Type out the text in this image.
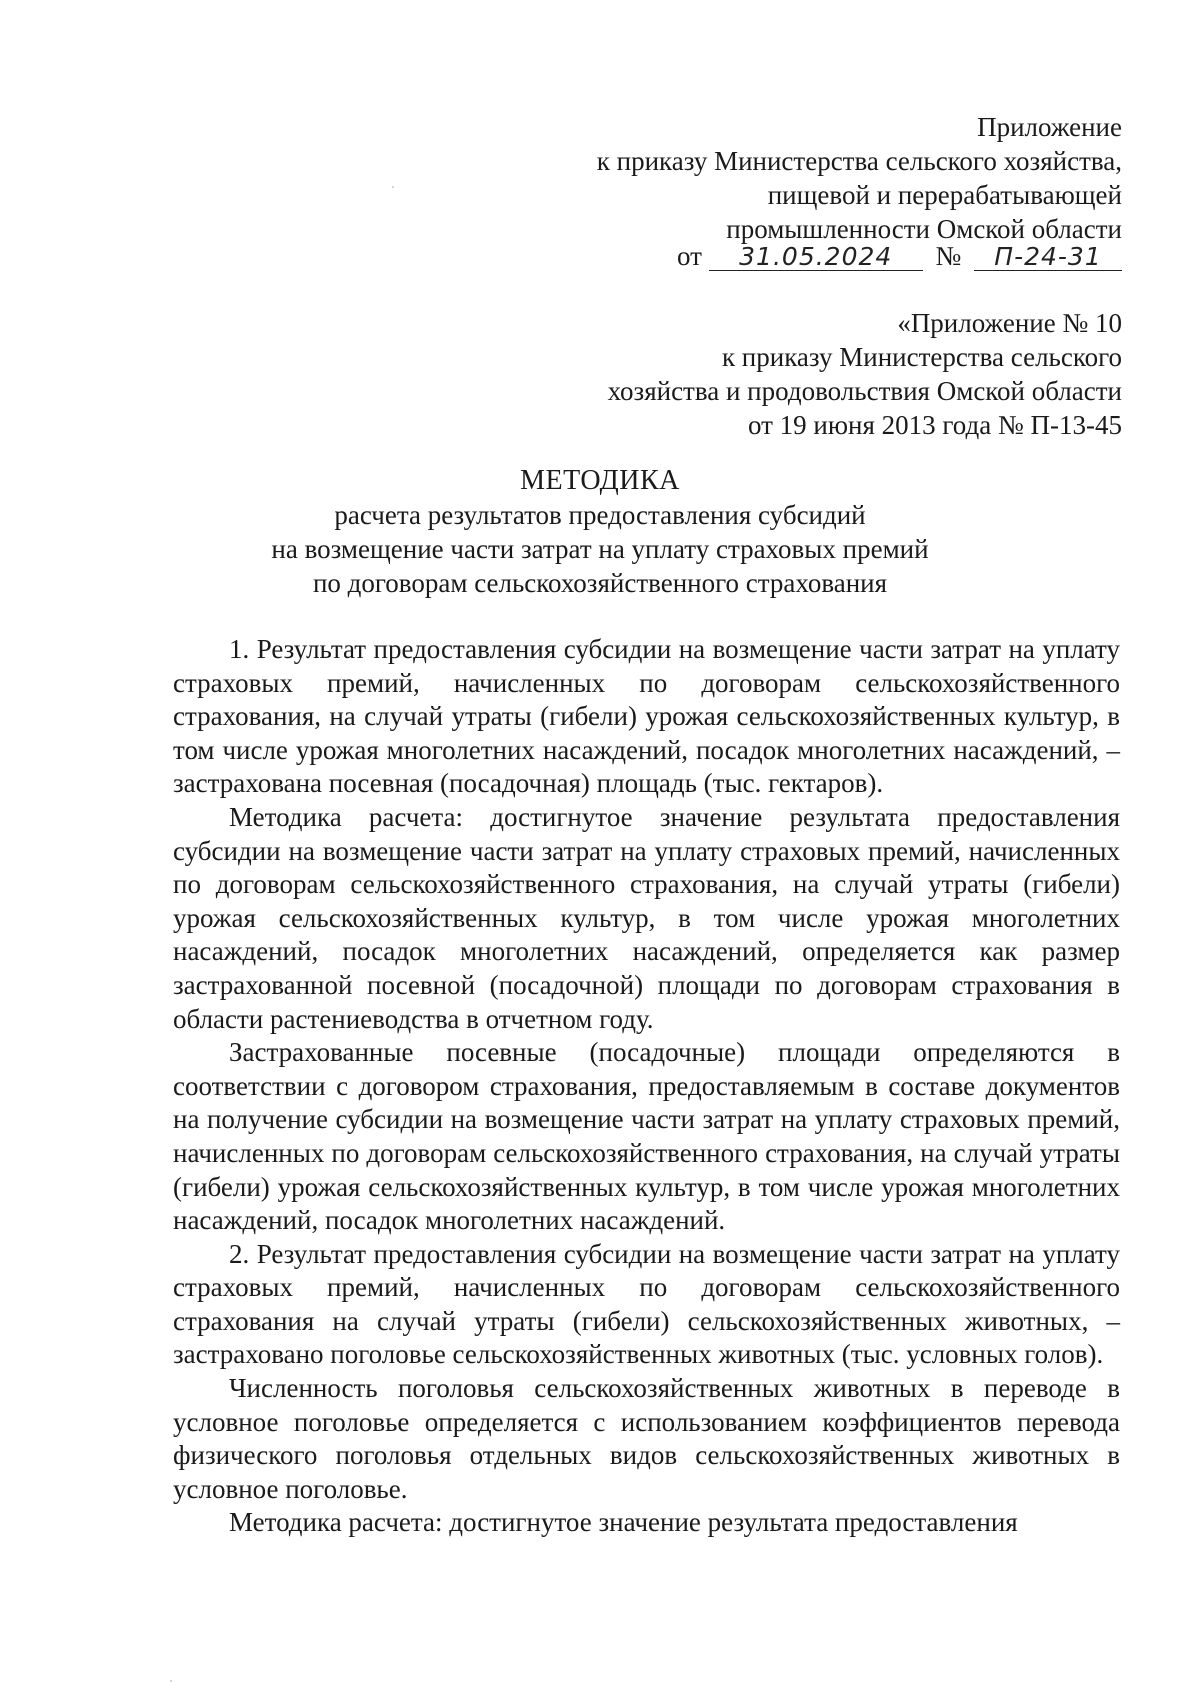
Приложение
к приказу Министерства сельского хозяйства,
пищевой и перерабатывающей
промышленности Омской области
от 31.05.2024 № П-24-31
«Приложение № 10
к приказу Министерства сельского
хозяйства и продовольствия Омской области
от 19 июня 2013 года № П-13-45
МЕТОДИКА
расчета результатов предоставления субсидий
на возмещение части затрат на уплату страховых премий
по договорам сельскохозяйственного страхования

1. Результат предоставления субсидии на возмещение части затрат на уплату страховых премий, начисленных по договорам сельскохозяйственного страхования, на случай утраты (гибели) урожая сельскохозяйственных культур, в том числе урожая многолетних насаждений, посадок многолетних насаждений, – застрахована посевная (посадочная) площадь (тыс. гектаров).

Методика расчета: достигнутое значение результата предоставления субсидии на возмещение части затрат на уплату страховых премий, начисленных по договорам сельскохозяйственного страхования, на случай утраты (гибели) урожая сельскохозяйственных культур, в том числе урожая многолетних насаждений, посадок многолетних насаждений, определяется как размер застрахованной посевной (посадочной) площади по договорам страхования в области растениеводства в отчетном году.

Застрахованные посевные (посадочные) площади определяются в соответствии с договором страхования, предоставляемым в составе документов на получение субсидии на возмещение части затрат на уплату страховых премий, начисленных по договорам сельскохозяйственного страхования, на случай утраты (гибели) урожая сельскохозяйственных культур, в том числе урожая многолетних насаждений, посадок многолетних насаждений.

2. Результат предоставления субсидии на возмещение части затрат на уплату страховых премий, начисленных по договорам сельскохозяйственного страхования на случай утраты (гибели) сельскохозяйственных животных, – застраховано поголовье сельскохозяйственных животных (тыс. условных голов).

Численность поголовья сельскохозяйственных животных в переводе в условное поголовье определяется с использованием коэффициентов перевода физического поголовья отдельных видов сельскохозяйственных животных в условное поголовье.

Методика расчета: достигнутое значение результата предоставления
